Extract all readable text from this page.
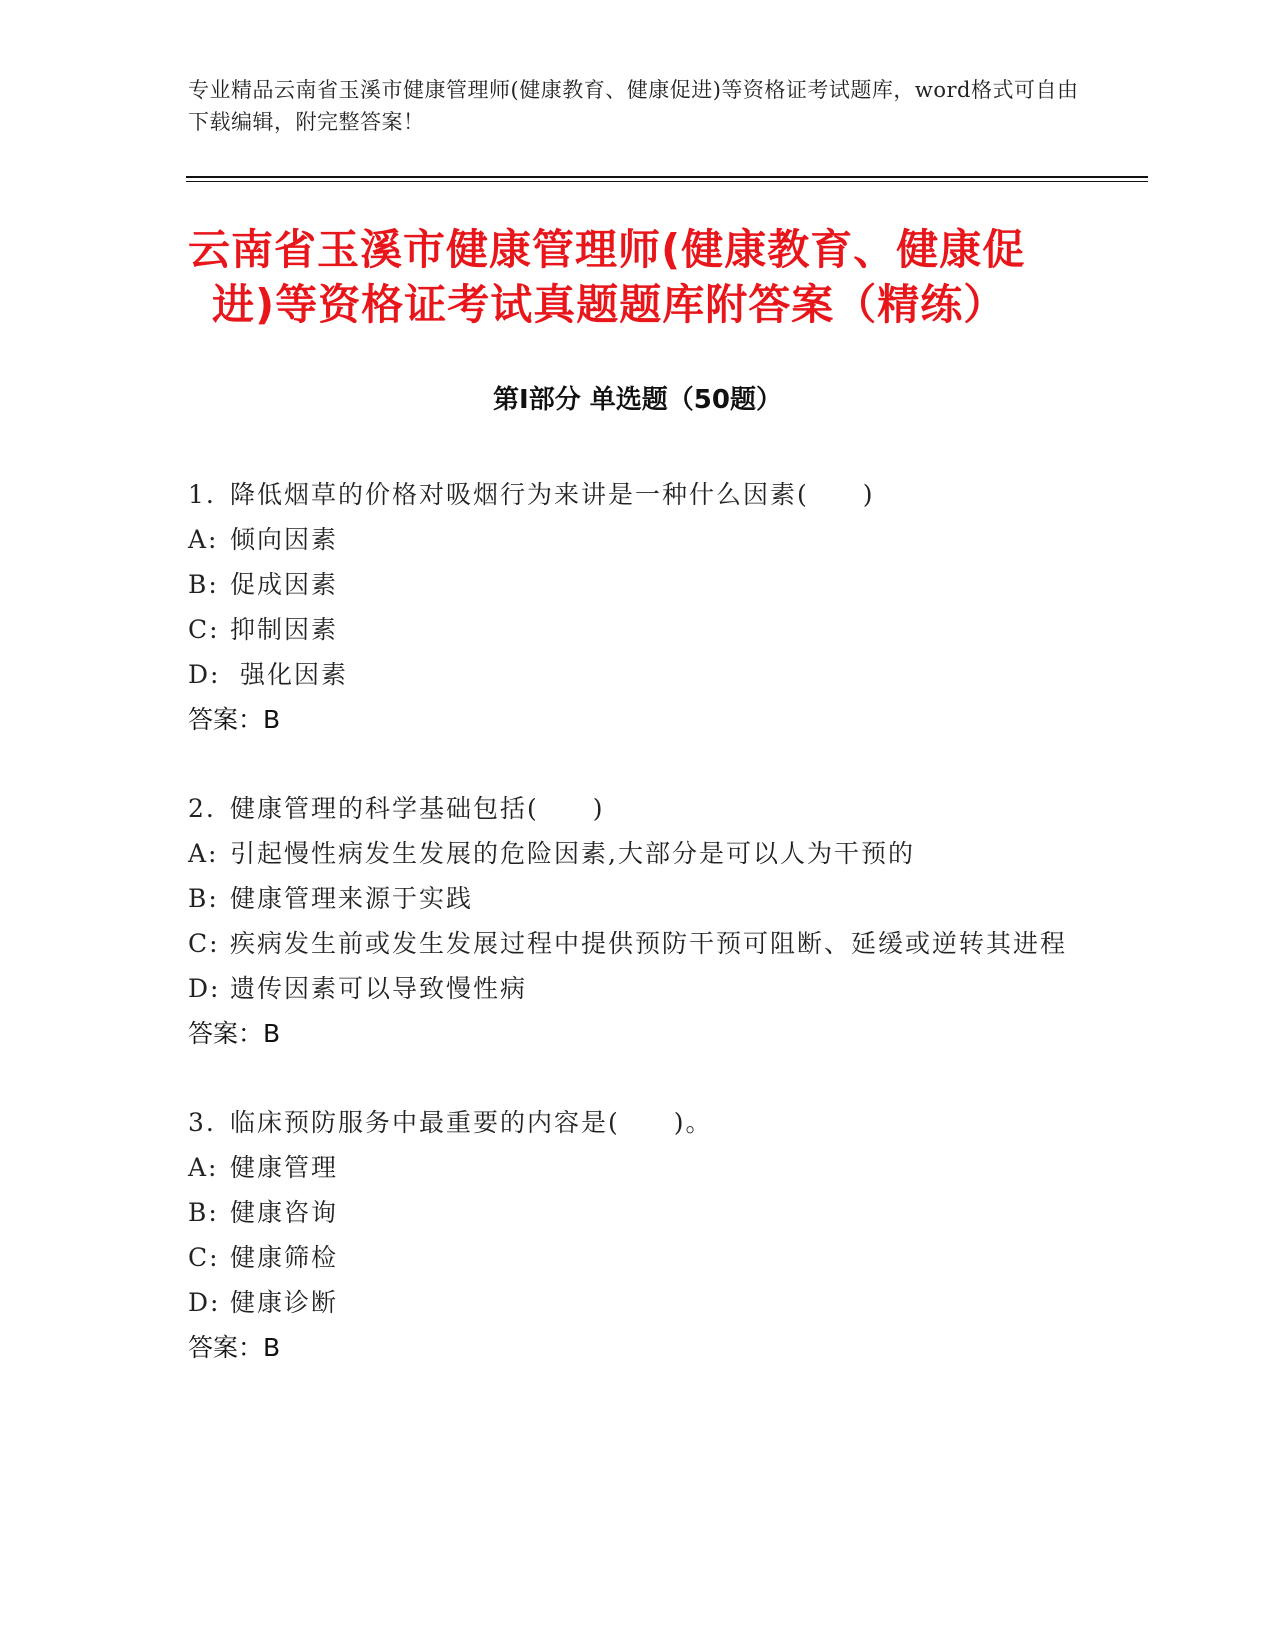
专业精品云南省玉溪市健康管理师(健康教育、健康促进)等资格证考试题库，word格式可自由下载编辑，附完整答案！
云南省玉溪市健康管理师(健康教育、健康促
进)等资格证考试真题题库附答案（精练）
第Ⅰ部分 单选题（50题）
1. 降低烟草的价格对吸烟行为来讲是一种什么因素(　　)
A: 倾向因素
B: 促成因素
C: 抑制因素
D: 强化因素
答案：B
2. 健康管理的科学基础包括(　　)
A: 引起慢性病发生发展的危险因素,大部分是可以人为干预的
B: 健康管理来源于实践
C: 疾病发生前或发生发展过程中提供预防干预可阻断、延缓或逆转其进程
D: 遗传因素可以导致慢性病
答案：B
3. 临床预防服务中最重要的内容是(　　)。
A: 健康管理
B: 健康咨询
C: 健康筛检
D: 健康诊断
答案：B
